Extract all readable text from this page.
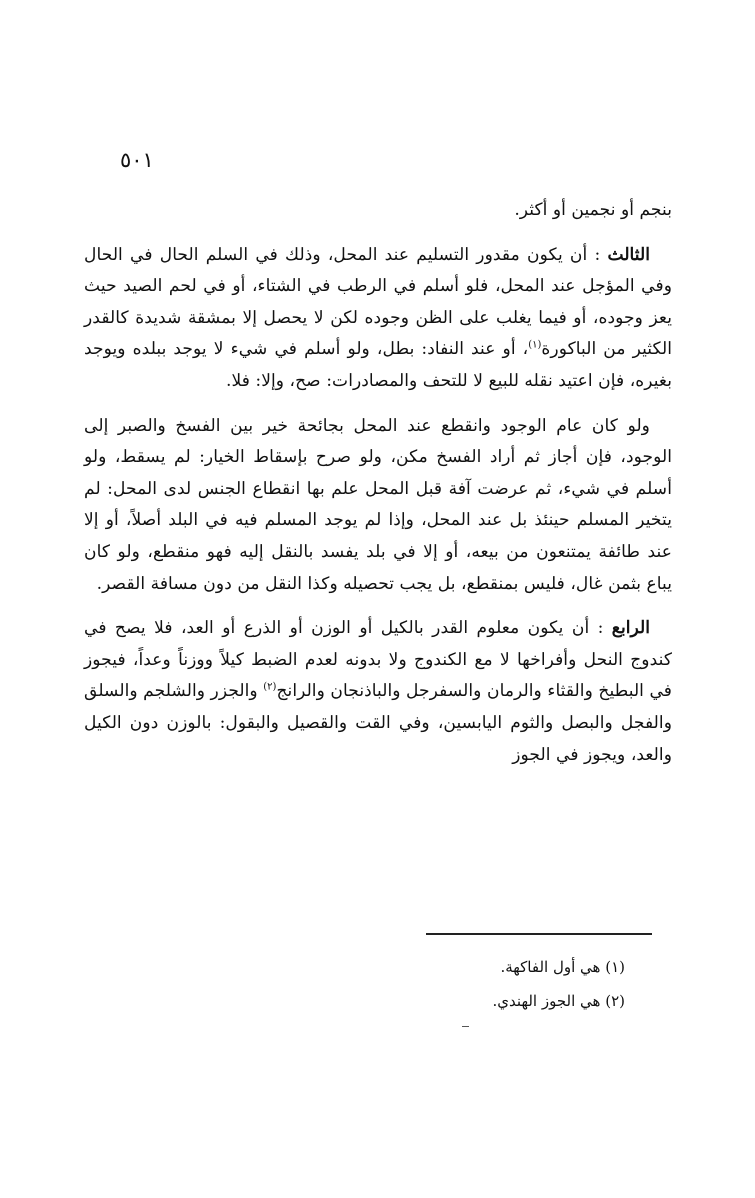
٥٠١

بنجم أو نجمين أو أكثر.

الثالث : أن يكون مقدور التسليم عند المحل، وذلك في السلم الحال في الحال وفي المؤجل عند المحل، فلو أسلم في الرطب في الشتاء، أو في لحم الصيد حيث يعز وجوده، أو فيما يغلب على الظن وجوده لكن لا يحصل إلا بمشقة شديدة كالقدر الكثير من الباكورة$^{(١)}$، أو عند النفاد: بطل، ولو أسلم في شيء لا يوجد ببلده ويوجد بغيره، فإن اعتيد نقله للبيع لا للتحف والمصادرات: صح، وإلا: فلا.

ولو كان عام الوجود وانقطع عند المحل بجائحة خير بين الفسخ والصبر إلى الوجود، فإن أجاز ثم أراد الفسخ مكن، ولو صرح بإسقاط الخيار: لم يسقط، ولو أسلم في شيء، ثم عرضت آفة قبل المحل علم بها انقطاع الجنس لدى المحل: لم يتخير المسلم حينئذ بل عند المحل، وإذا لم يوجد المسلم فيه في البلد أصلاً، أو إلا عند طائفة يمتنعون من بيعه، أو إلا في بلد يفسد بالنقل إليه فهو منقطع، ولو كان يباع بثمن غال، فليس بمنقطع، بل يجب تحصيله وكذا النقل من دون مسافة القصر.

الرابع : أن يكون معلوم القدر بالكيل أو الوزن أو الذرع أو العد، فلا يصح في كندوج النحل وأفراخها لا مع الكندوج ولا بدونه لعدم الضبط كيلاً ووزناً وعداً، فيجوز في البطيخ والقثاء والرمان والسفرجل والباذنجان والرانج$^{(٢)}$ والجزر والشلجم والسلق والفجل والبصل والثوم اليابسين، وفي القت والقصيل والبقول: بالوزن دون الكيل والعد، ويجوز في الجوز

(١) هي أول الفاكهة.
(٢) هي الجوز الهندي.
